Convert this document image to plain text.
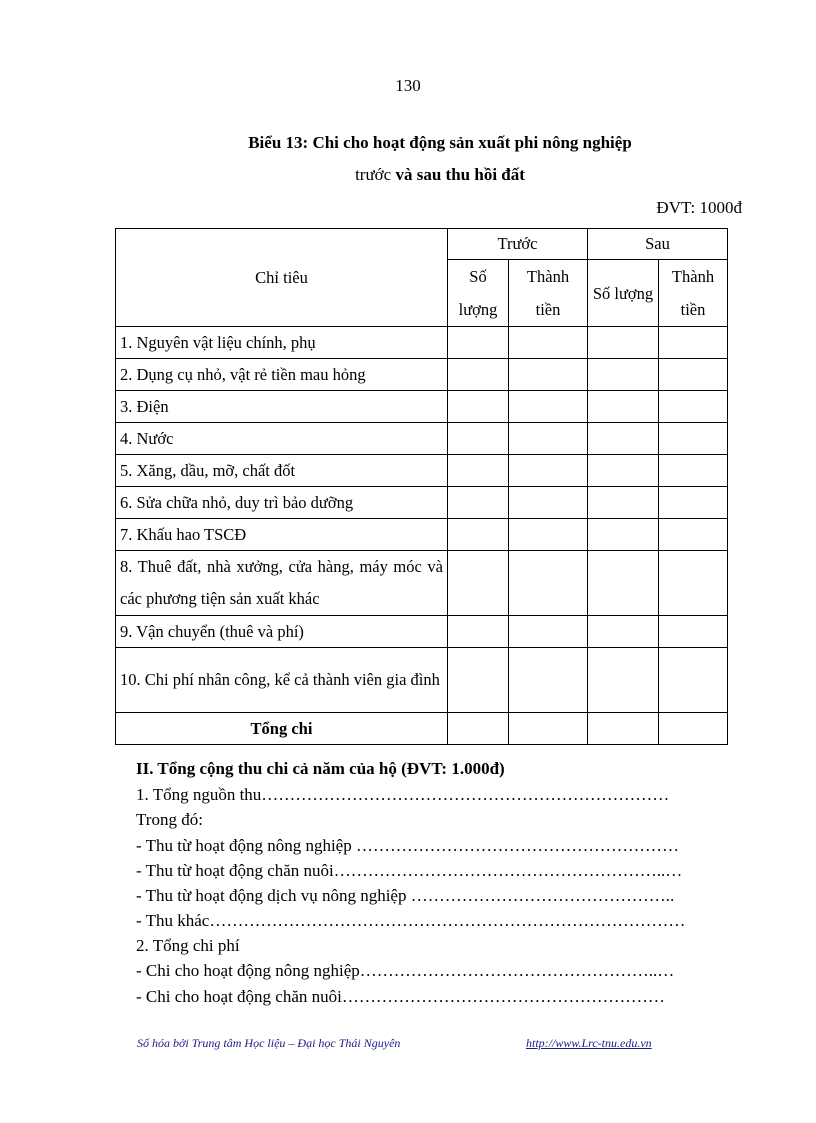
130
Biểu 13: Chi cho hoạt động sản xuất phi nông nghiệp
trước và sau thu hồi đất
ĐVT: 1000đ
Chỉ tiêu	Trước		Sau	
	Số lượng	Thành tiền	Số lượng	Thành tiền
1. Nguyên vật liệu chính, phụ				
2. Dụng cụ nhỏ, vật rẻ tiền mau hỏng				
3. Điện				
4. Nước				
5. Xăng, dầu, mỡ, chất đốt				
6. Sửa chữa nhỏ, duy trì bảo dưỡng				
7. Khấu hao TSCĐ				
8. Thuê đất, nhà xưởng, cửa hàng, máy móc và các phương tiện sản xuất khác				
9. Vận chuyển (thuê và phí)				
10. Chi phí nhân công, kể cả thành viên gia đình				
Tổng chi				
II. Tổng cộng thu chi cả năm của hộ (ĐVT: 1.000đ)
1. Tổng nguồn thu………………………………………………………………
Trong đó:
- Thu từ hoạt động nông nghiệp …………………………………………………
- Thu từ hoạt động chăn nuôi…………………………………………………..…
- Thu từ hoạt động dịch vụ nông nghiệp ………………………………………..
- Thu khác…………………………………………………………………………
2. Tổng chi phí
- Chi cho hoạt động nông nghiệp……………………………………………..…
- Chi cho hoạt động chăn nuôi…………………………………………………
Số hóa bởi Trung tâm Học liệu – Đại học Thái Nguyên	http://www.Lrc-tnu.edu.vn
